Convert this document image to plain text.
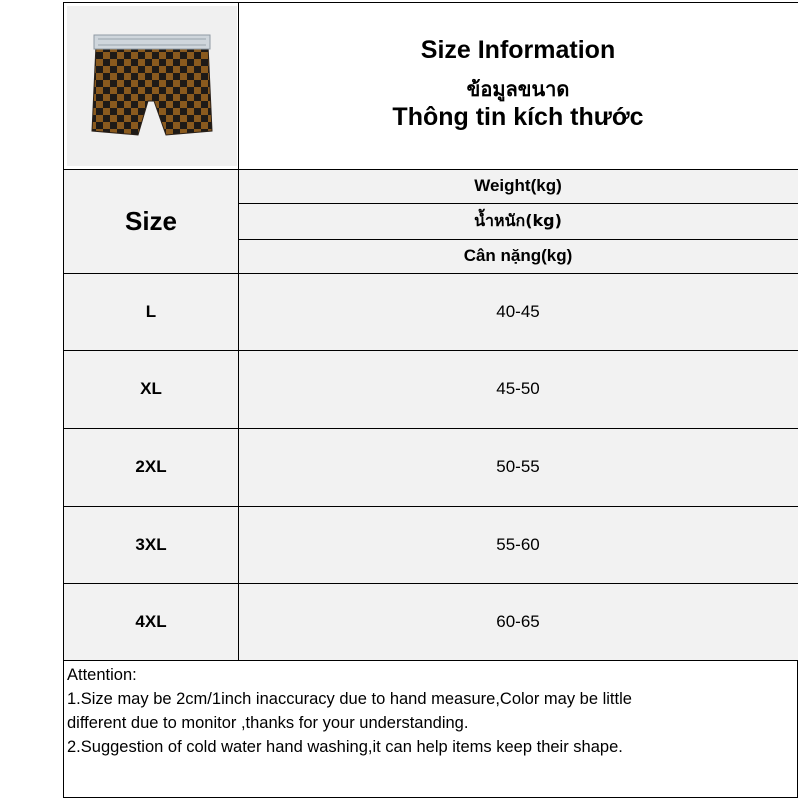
Size Information
ข้อมูลขนาด
Thông tin kích thước
Size
Weight(kg)
น้ำหนัก(kg)
Cân nặng(kg)
L	40-45
XL	45-50
2XL	50-55
3XL	55-60
4XL	60-65
Attention:
1.Size may be 2cm/1inch inaccuracy due to hand measure,Color may be little
different due to monitor ,thanks for your understanding.
2.Suggestion of cold water hand washing,it can help items keep their shape.
